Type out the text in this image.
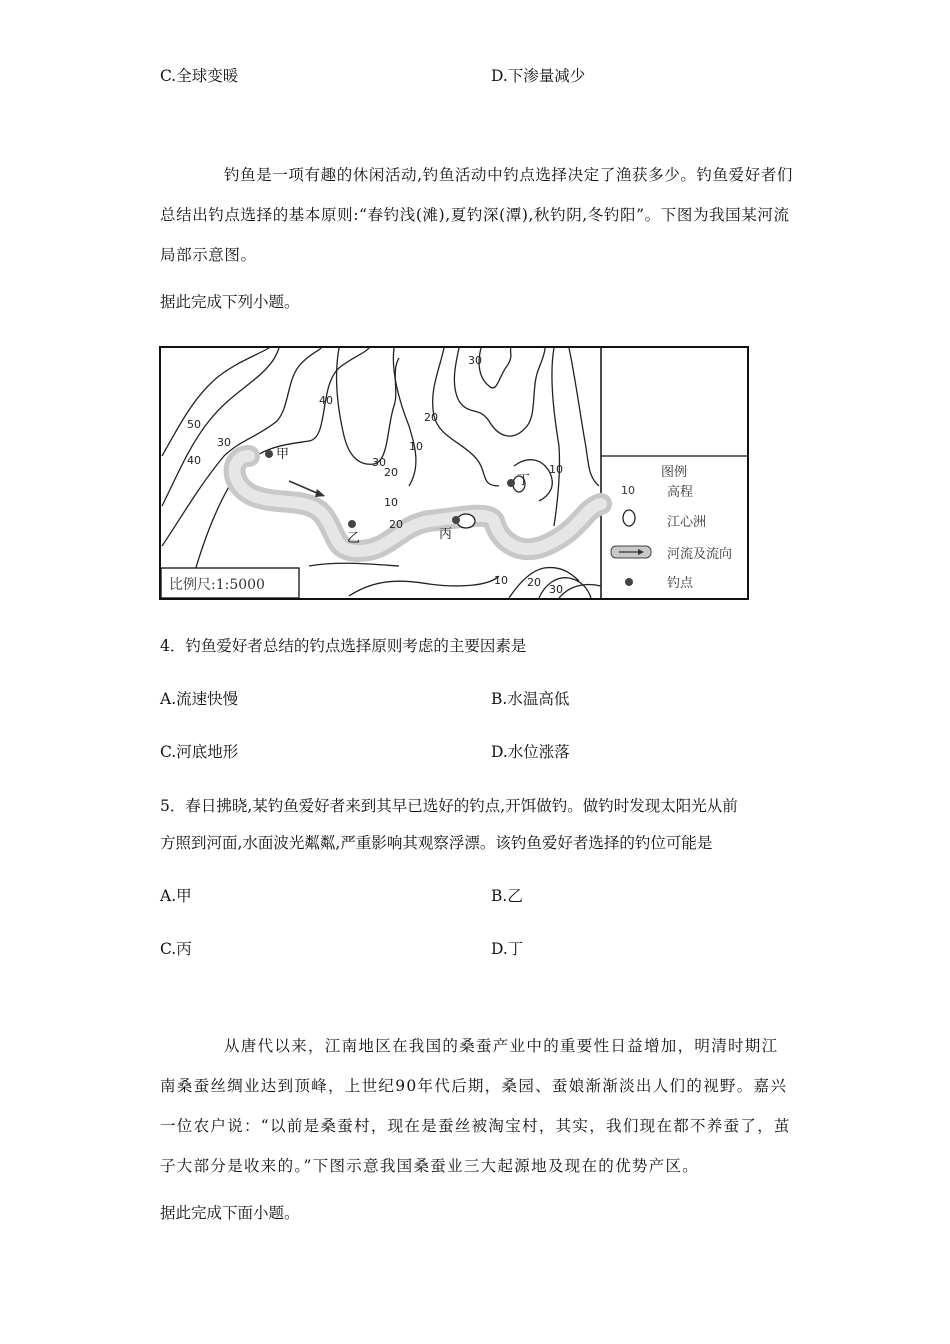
C.全球变暖	D.下渗量减少
钓鱼是一项有趣的休闲活动,钓鱼活动中钓点选择决定了渔获多少。钓鱼爱好者们总结出钓点选择的基本原则:“春钓浅(滩),夏钓深(潭),秋钓阴,冬钓阳”。下图为我国某河流局部示意图。
据此完成下列小题。
甲
乙	丙
丁
50
40
30
40
30
20
10
30
20
10
20
10
10 20
30
比例尺:1:5000
图例
10 高程
江心洲
河流及流向
钓点
4．钓鱼爱好者总结的钓点选择原则考虑的主要因素是
A.流速快慢	B.水温高低
C.河底地形	D.水位涨落
5．春日拂晓,某钓鱼爱好者来到其早已选好的钓点,开饵做钓。做钓时发现太阳光从前
方照到河面,水面波光粼粼,严重影响其观察浮漂。该钓鱼爱好者选择的钓位可能是
A.甲	B.乙
C.丙	D.丁
从唐代以来，江南地区在我国的桑蚕产业中的重要性日益增加，明清时期江南桑蚕丝绸业达到顶峰，上世纪90年代后期，桑园、蚕娘渐渐淡出人们的视野。嘉兴一位农户说：“以前是桑蚕村，现在是蚕丝被淘宝村，其实，我们现在都不养蚕了，茧子大部分是收来的。”下图示意我国桑蚕业三大起源地及现在的优势产区。
据此完成下面小题。
